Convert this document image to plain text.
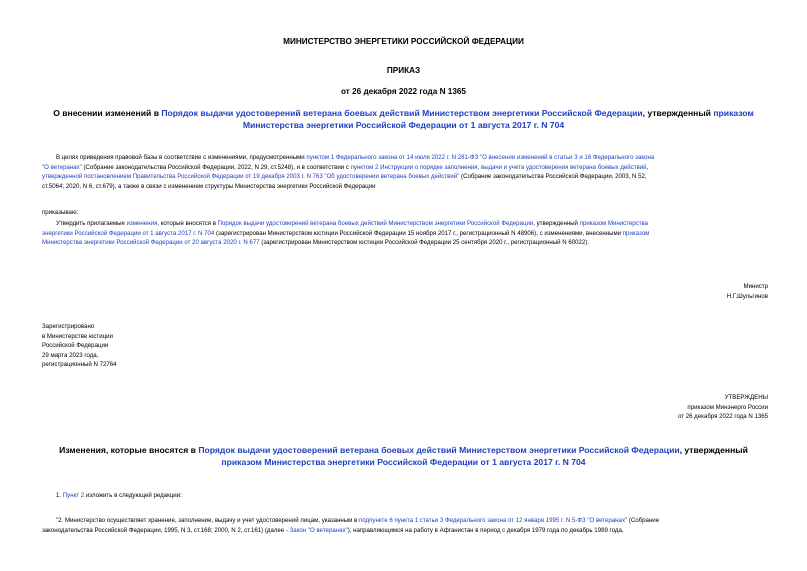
МИНИСТЕРСТВО ЭНЕРГЕТИКИ РОССИЙСКОЙ ФЕДЕРАЦИИ
ПРИКАЗ
от 26 декабря 2022 года N 1365
О внесении изменений в Порядок выдачи удостоверений ветерана боевых действий Министерством энергетики Российской Федерации, утвержденный приказом
Министерства энергетики Российской Федерации от 1 августа 2017 г. N 704
В целях приведения правовой базы в соответствие с изменениями, предусмотренными пунктом 1 Федерального закона от 14 июля 2022 г. N 281-ФЗ "О внесении изменений в статьи 3 и 16 Федерального закона
"О ветеранах" (Собрание законодательства Российской Федерации, 2022, N 29, ст.5248), и в соответствии с пунктом 2 Инструкции о порядке заполнения, выдачи и учета удостоверения ветерана боевых действий,
утвержденной постановлением Правительства Российской Федерации от 19 декабря 2003 г. N 763 "Об удостоверении ветерана боевых действий" (Собрание законодательства Российской Федерации, 2003, N 52,
ст.5064; 2020, N 6, ст.679), а также в связи с изменением структуры Министерства энергетики Российской Федерации
приказываю:
Утвердить прилагаемые изменения, которые вносятся в Порядок выдачи удостоверений ветерана боевых действий Министерством энергетики Российской Федерации, утвержденный приказом Министерства
энергетики Российской Федерации от 1 августа 2017 г. N 704 (зарегистрирован Министерством юстиции Российской Федерации 15 ноября 2017 г., регистрационный N 48906), с изменениями, внесенными приказом
Министерства энергетики Российской Федерации от 20 августа 2020 г. N 677 (зарегистрирован Министерством юстиции Российской Федерации 25 сентября 2020 г., регистрационный N 60022).
Министр
Н.Г.Шульгинов
Зарегистрировано
в Министерстве юстиции
Российской Федерации
29 марта 2023 года,
регистрационный N 72764
УТВЕРЖДЕНЫ
приказом Минэнерго России
от 26 декабря 2022 года N 1365
Изменения, которые вносятся в Порядок выдачи удостоверений ветерана боевых действий Министерством энергетики Российской Федерации, утвержденный
приказом Министерства энергетики Российской Федерации от 1 августа 2017 г. N 704
1. Пункт 2 изложить в следующей редакции:
"2. Министерство осуществляет хранение, заполнение, выдачу и учет удостоверений лицам, указанным в подпункте 6 пункта 1 статьи 3 Федерального закона от 12 января 1995 г. N 5-ФЗ "О ветеранах" (Собрание
законодательства Российской Федерации, 1995, N 3, ст.168; 2000, N 2, ст.161) (далее - Закон "О ветеранах"), направляющимся на работу в Афганистан в период с декабря 1979 года по декабрь 1989 года,
